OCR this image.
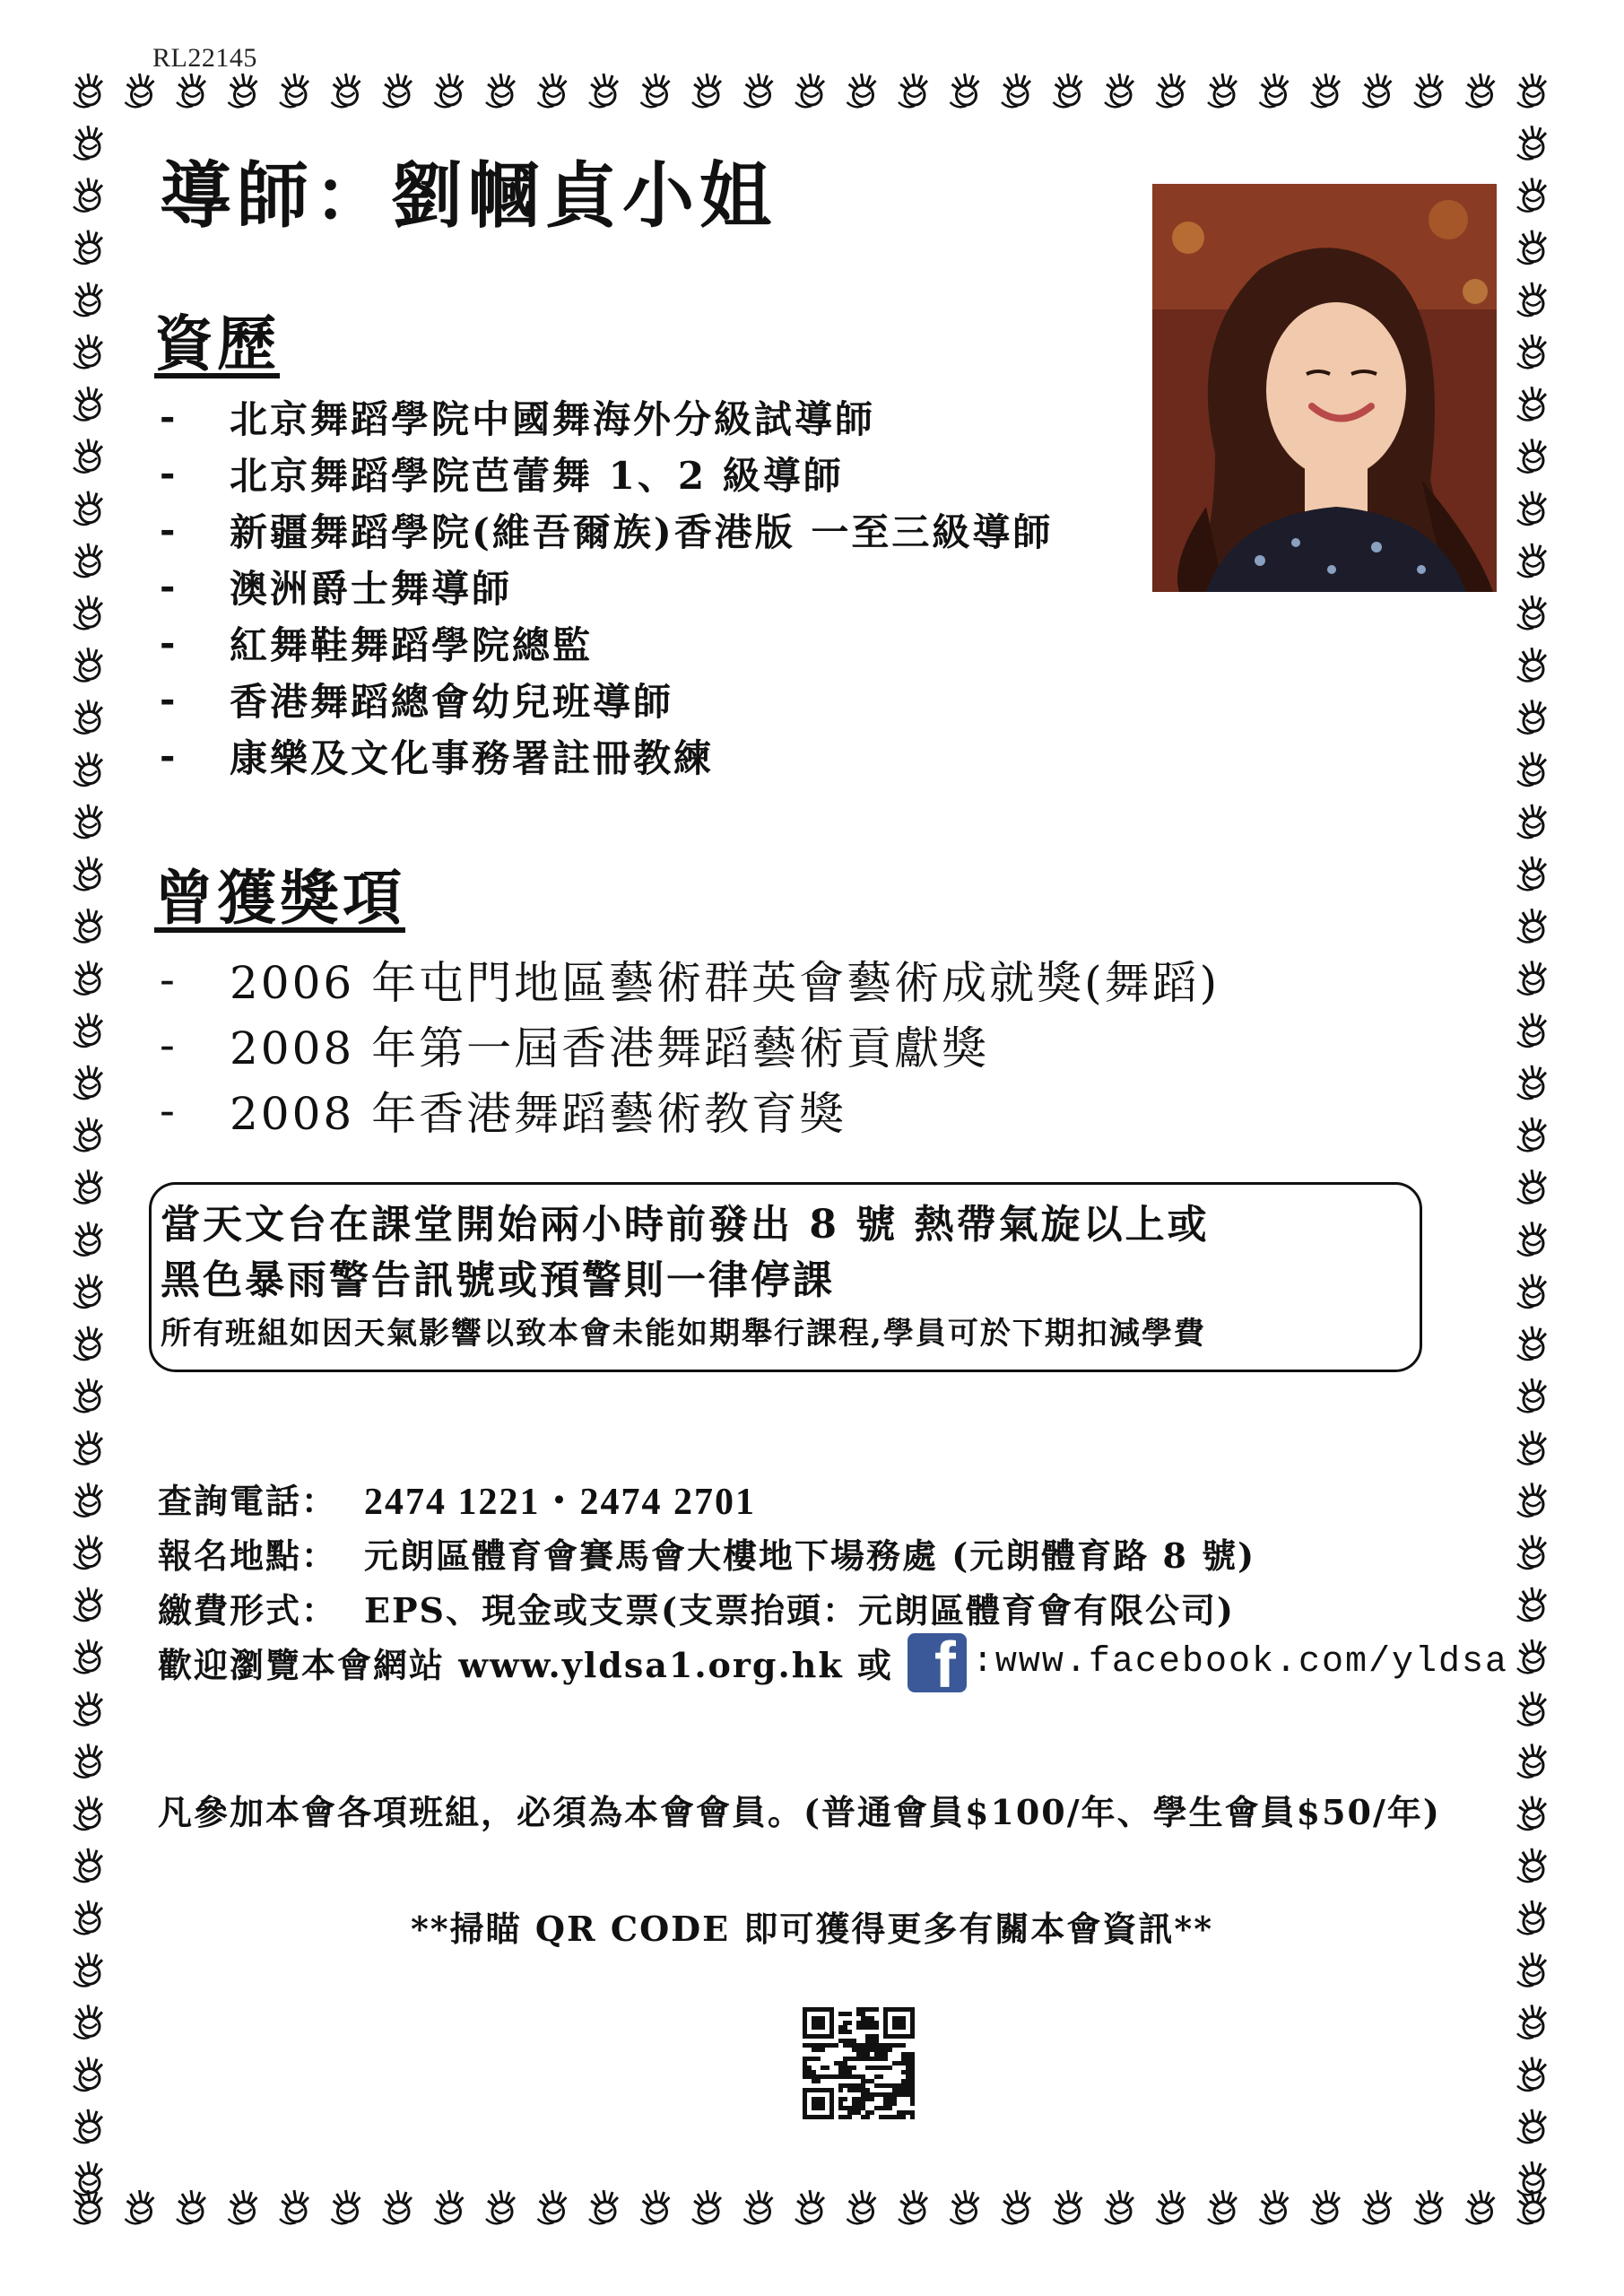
RL22145
導師：劉幗貞小姐
資歷
-	北京舞蹈學院中國舞海外分級試導師
-	北京舞蹈學院芭蕾舞 1、2 級導師
-	新疆舞蹈學院(維吾爾族)香港版 一至三級導師
-	澳洲爵士舞導師
-	紅舞鞋舞蹈學院總監
-	香港舞蹈總會幼兒班導師
-	康樂及文化事務署註冊教練
曾獲獎項
-	2006 年屯門地區藝術群英會藝術成就獎(舞蹈)
-	2008 年第一屆香港舞蹈藝術貢獻獎
-	2008 年香港舞蹈藝術教育獎
當天文台在課堂開始兩小時前發出 8 號 熱帶氣旋以上或
黑色暴雨警告訊號或預警則一律停課
所有班組如因天氣影響以致本會未能如期舉行課程,學員可於下期扣減學費
查詢電話： 2474 1221・2474 2701
報名地點： 元朗區體育會賽馬會大樓地下場務處 (元朗體育路 8 號)
繳費形式： EPS、現金或支票(支票抬頭：元朗區體育會有限公司)
歡迎瀏覽本會網站 www.yldsa1.org.hk 或 f :www.facebook.com/yldsa
凡參加本會各項班組，必須為本會會員。(普通會員$100/年、學生會員$50/年)
**掃瞄 QR CODE 即可獲得更多有關本會資訊**
